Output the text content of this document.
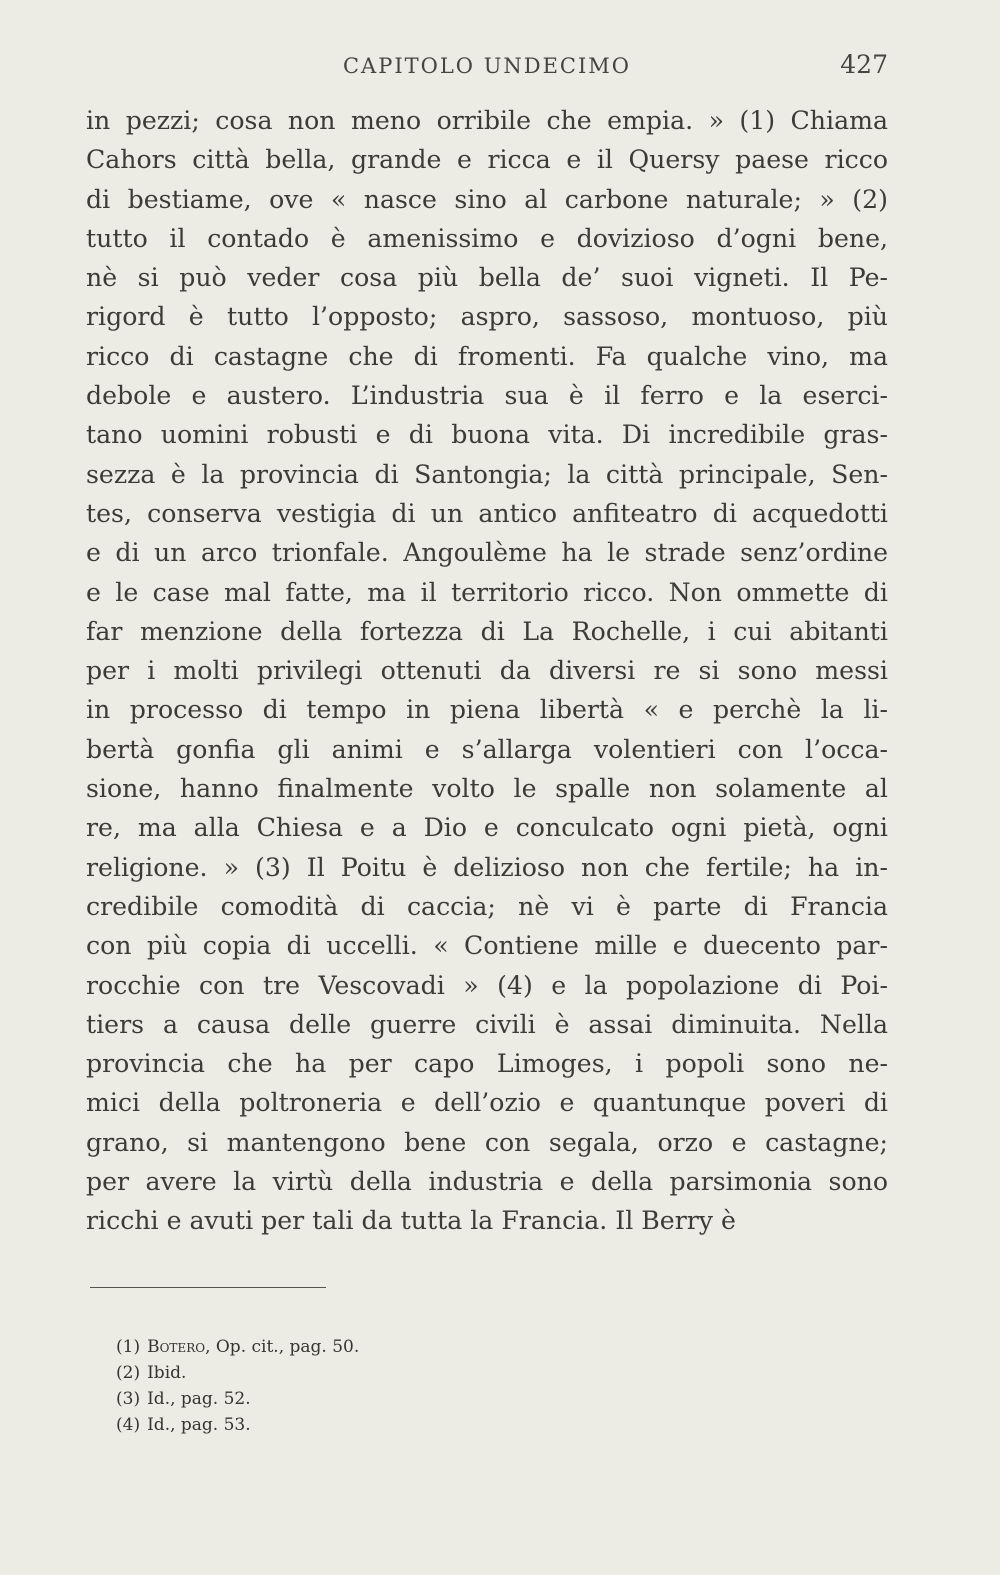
CAPITOLO UNDECIMO	427
in pezzi; cosa non meno orribile che empia. » (1) Chiama
Cahors città bella, grande e ricca e il Quersy paese ricco
di bestiame, ove « nasce sino al carbone naturale; » (2)
tutto il contado è amenissimo e dovizioso d’ogni bene,
nè si può veder cosa più bella de’ suoi vigneti. Il Pe-
rigord è tutto l’opposto; aspro, sassoso, montuoso, più
ricco di castagne che di fromenti. Fa qualche vino, ma
debole e austero. L’industria sua è il ferro e la eserci-
tano uomini robusti e di buona vita. Di incredibile gras-
sezza è la provincia di Santongia; la città principale, Sen-
tes, conserva vestigia di un antico anfiteatro di acquedotti
e di un arco trionfale. Angoulème ha le strade senz’ordine
e le case mal fatte, ma il territorio ricco. Non ommette di
far menzione della fortezza di La Rochelle, i cui abitanti
per i molti privilegi ottenuti da diversi re si sono messi
in processo di tempo in piena libertà « e perchè la li-
bertà gonfia gli animi e s’allarga volentieri con l’occa-
sione, hanno finalmente volto le spalle non solamente al
re, ma alla Chiesa e a Dio e conculcato ogni pietà, ogni
religione. » (3) Il Poitu è delizioso non che fertile; ha in-
credibile comodità di caccia; nè vi è parte di Francia
con più copia di uccelli. « Contiene mille e duecento par-
rocchie con tre Vescovadi » (4) e la popolazione di Poi-
tiers a causa delle guerre civili è assai diminuita. Nella
provincia che ha per capo Limoges, i popoli sono ne-
mici della poltroneria e dell’ozio e quantunque poveri di
grano, si mantengono bene con segala, orzo e castagne;
per avere la virtù della industria e della parsimonia sono
ricchi e avuti per tali da tutta la Francia. Il Berry è
(1) Botero, Op. cit., pag. 50.
(2) Ibid.
(3) Id., pag. 52.
(4) Id., pag. 53.
